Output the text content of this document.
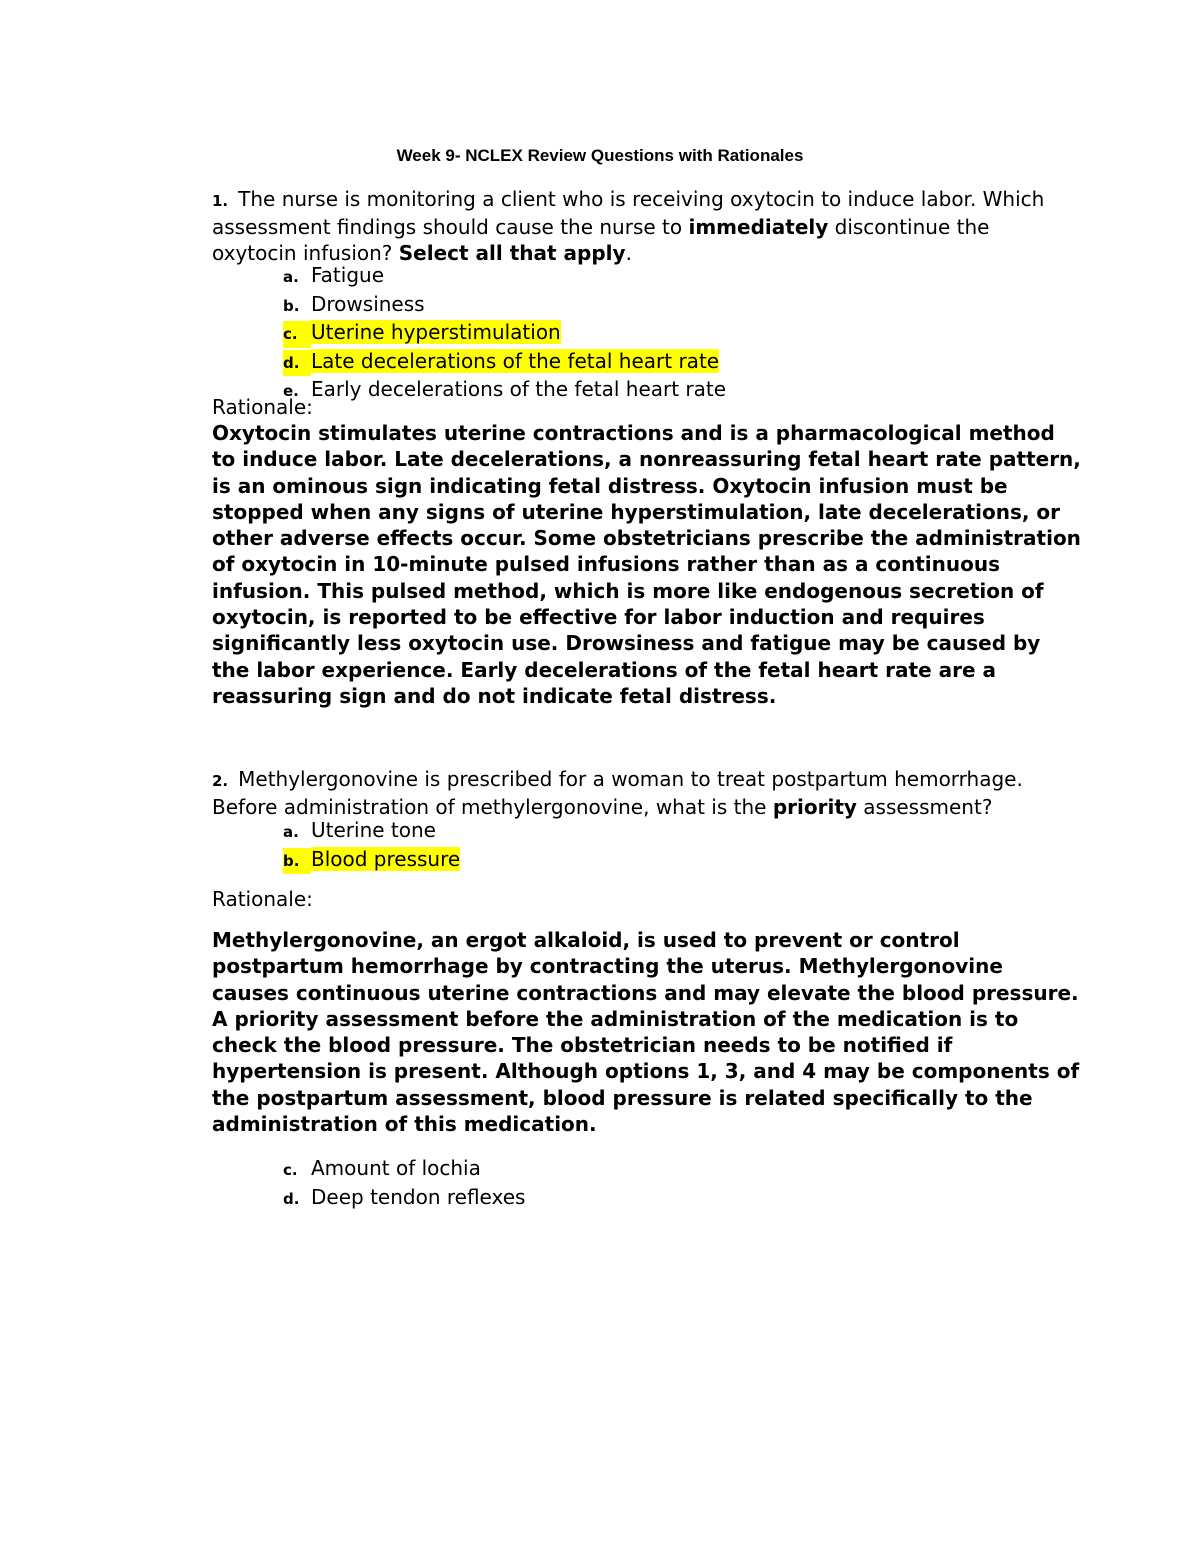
Week 9- NCLEX Review Questions with Rationales
1. The nurse is monitoring a client who is receiving oxytocin to induce labor. Which assessment findings should cause the nurse to immediately discontinue the oxytocin infusion? Select all that apply.
a. Fatigue
b. Drowsiness
c. Uterine hyperstimulation
d. Late decelerations of the fetal heart rate
e. Early decelerations of the fetal heart rate
Rationale:
Oxytocin stimulates uterine contractions and is a pharmacological method to induce labor. Late decelerations, a nonreassuring fetal heart rate pattern, is an ominous sign indicating fetal distress. Oxytocin infusion must be stopped when any signs of uterine hyperstimulation, late decelerations, or other adverse effects occur. Some obstetricians prescribe the administration of oxytocin in 10-minute pulsed infusions rather than as a continuous infusion. This pulsed method, which is more like endogenous secretion of oxytocin, is reported to be effective for labor induction and requires significantly less oxytocin use. Drowsiness and fatigue may be caused by the labor experience. Early decelerations of the fetal heart rate are a reassuring sign and do not indicate fetal distress.
2. Methylergonovine is prescribed for a woman to treat postpartum hemorrhage. Before administration of methylergonovine, what is the priority assessment?
a. Uterine tone
b. Blood pressure
Rationale:
Methylergonovine, an ergot alkaloid, is used to prevent or control postpartum hemorrhage by contracting the uterus. Methylergonovine causes continuous uterine contractions and may elevate the blood pressure. A priority assessment before the administration of the medication is to check the blood pressure. The obstetrician needs to be notified if hypertension is present. Although options 1, 3, and 4 may be components of the postpartum assessment, blood pressure is related specifically to the administration of this medication.
c. Amount of lochia
d. Deep tendon reflexes
